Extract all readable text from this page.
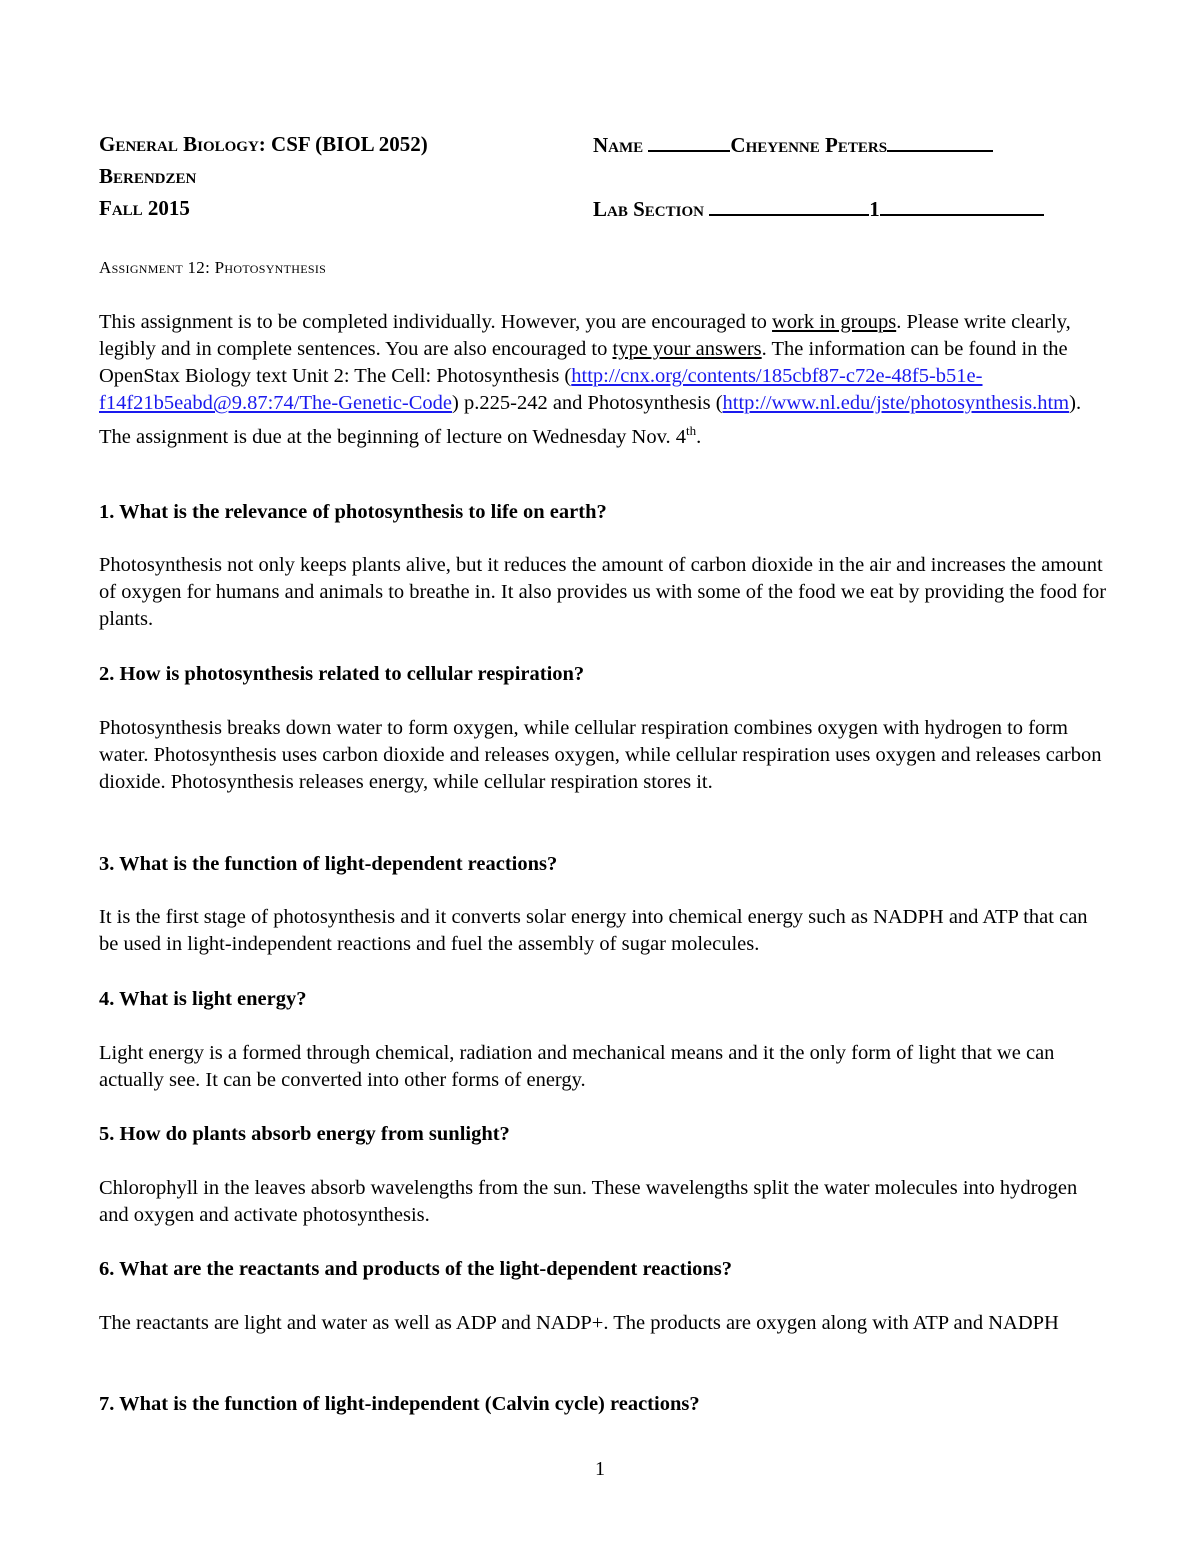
General Biology: CSF (BIOL 2052)
Berendzen
Fall 2015
Name	Cheyenne Peters
Lab Section	1
Assignment 12: Photosynthesis
This assignment is to be completed individually. However, you are encouraged to work in groups. Please write clearly, legibly and in complete sentences. You are also encouraged to type your answers. The information can be found in the OpenStax Biology text Unit 2: The Cell: Photosynthesis (http://cnx.org/contents/185cbf87-c72e-48f5-b51e-f14f21b5eabd@9.87:74/The-Genetic-Code) p.225-242 and Photosynthesis (http://www.nl.edu/jste/photosynthesis.htm). The assignment is due at the beginning of lecture on Wednesday Nov. 4th.
1. What is the relevance of photosynthesis to life on earth?
Photosynthesis not only keeps plants alive, but it reduces the amount of carbon dioxide in the air and increases the amount of oxygen for humans and animals to breathe in. It also provides us with some of the food we eat by providing the food for plants.
2. How is photosynthesis related to cellular respiration?
Photosynthesis breaks down water to form oxygen, while cellular respiration combines oxygen with hydrogen to form water. Photosynthesis uses carbon dioxide and releases oxygen, while cellular respiration uses oxygen and releases carbon dioxide. Photosynthesis releases energy, while cellular respiration stores it.
3. What is the function of light-dependent reactions?
It is the first stage of photosynthesis and it converts solar energy into chemical energy such as NADPH and ATP that can be used in light-independent reactions and fuel the assembly of sugar molecules.
4. What is light energy?
Light energy is a formed through chemical, radiation and mechanical means and it the only form of light that we can actually see. It can be converted into other forms of energy.
5. How do plants absorb energy from sunlight?
Chlorophyll in the leaves absorb wavelengths from the sun. These wavelengths split the water molecules into hydrogen and oxygen and activate photosynthesis.
6. What are the reactants and products of the light-dependent reactions?
The reactants are light and water as well as ADP and NADP+. The products are oxygen along with ATP and NADPH
7. What is the function of light-independent (Calvin cycle) reactions?
1
